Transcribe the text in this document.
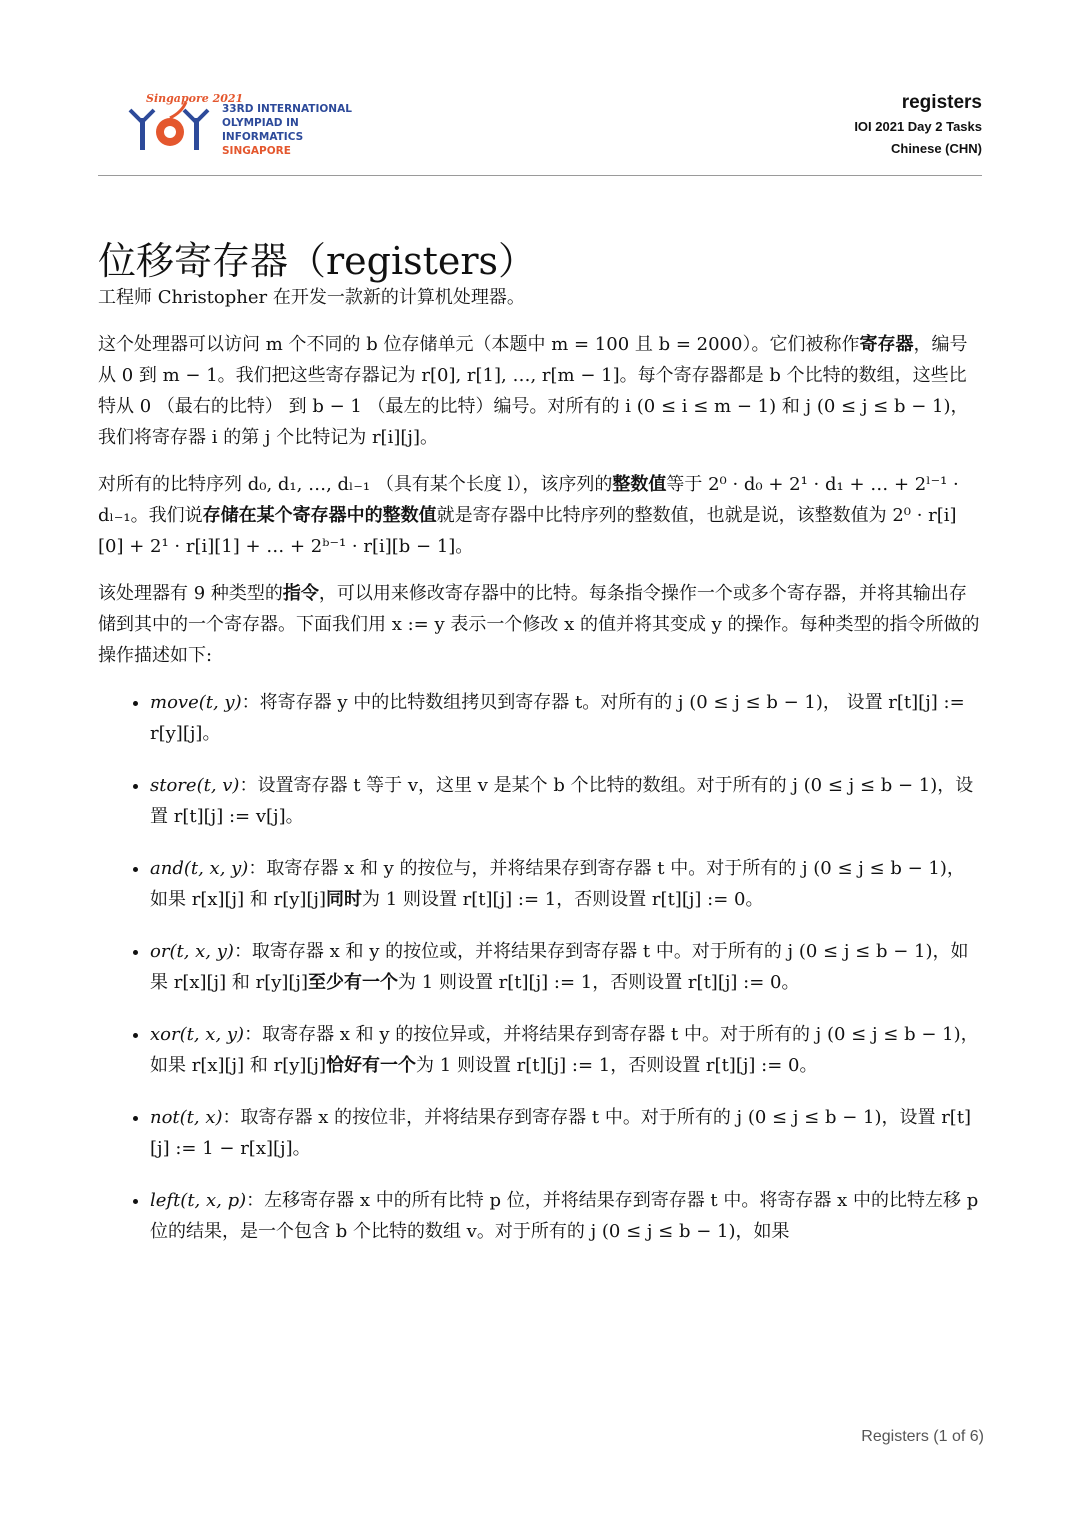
Singapore 2021
33RD INTERNATIONAL
OLYMPIAD IN INFORMATICS
SINGAPORE
registers
IOI 2021 Day 2 Tasks
Chinese (CHN)
位移寄存器（registers）

工程师 Christopher 在开发一款新的计算机处理器。

这个处理器可以访问 m 个不同的 b 位存储单元（本题中 m = 100 且 b = 2000）。它们被称作寄存器，编号从 0 到 m − 1。我们把这些寄存器记为 r[0], r[1], …, r[m − 1]。每个寄存器都是 b 个比特的数组，这些比特从 0 （最右的比特） 到 b − 1 （最左的比特）编号。对所有的 i (0 ≤ i ≤ m − 1) 和 j (0 ≤ j ≤ b − 1)，我们将寄存器 i 的第 j 个比特记为 r[i][j]。

对所有的比特序列 d₀, d₁, …, dₗ₋₁ （具有某个长度 l），该序列的整数值等于 2⁰ · d₀ + 2¹ · d₁ + … + 2ˡ⁻¹ · dₗ₋₁。我们说存储在某个寄存器中的整数值就是寄存器中比特序列的整数值，也就是说，该整数值为 2⁰ · r[i][0] + 2¹ · r[i][1] + … + 2ᵇ⁻¹ · r[i][b − 1]。

该处理器有 9 种类型的指令，可以用来修改寄存器中的比特。每条指令操作一个或多个寄存器，并将其输出存储到其中的一个寄存器。下面我们用 x := y 表示一个修改 x 的值并将其变成 y 的操作。每种类型的指令所做的操作描述如下:

• move(t, y)：将寄存器 y 中的比特数组拷贝到寄存器 t。对所有的 j (0 ≤ j ≤ b − 1)， 设置 r[t][j] := r[y][j]。
• store(t, v)：设置寄存器 t 等于 v，这里 v 是某个 b 个比特的数组。对于所有的 j (0 ≤ j ≤ b − 1)，设置 r[t][j] := v[j]。
• and(t, x, y)：取寄存器 x 和 y 的按位与，并将结果存到寄存器 t 中。对于所有的 j (0 ≤ j ≤ b − 1)，如果 r[x][j] 和 r[y][j]同时为 1 则设置 r[t][j] := 1，否则设置 r[t][j] := 0。
• or(t, x, y)：取寄存器 x 和 y 的按位或，并将结果存到寄存器 t 中。对于所有的 j (0 ≤ j ≤ b − 1)，如果 r[x][j] 和 r[y][j]至少有一个为 1 则设置 r[t][j] := 1，否则设置 r[t][j] := 0。
• xor(t, x, y)：取寄存器 x 和 y 的按位异或，并将结果存到寄存器 t 中。对于所有的 j (0 ≤ j ≤ b − 1)，如果 r[x][j] 和 r[y][j]恰好有一个为 1 则设置 r[t][j] := 1，否则设置 r[t][j] := 0。
• not(t, x)：取寄存器 x 的按位非，并将结果存到寄存器 t 中。对于所有的 j (0 ≤ j ≤ b − 1)，设置 r[t][j] := 1 − r[x][j]。
• left(t, x, p)：左移寄存器 x 中的所有比特 p 位，并将结果存到寄存器 t 中。将寄存器 x 中的比特左移 p 位的结果，是一个包含 b 个比特的数组 v。对于所有的 j (0 ≤ j ≤ b − 1)，如果
Registers (1 of 6)
